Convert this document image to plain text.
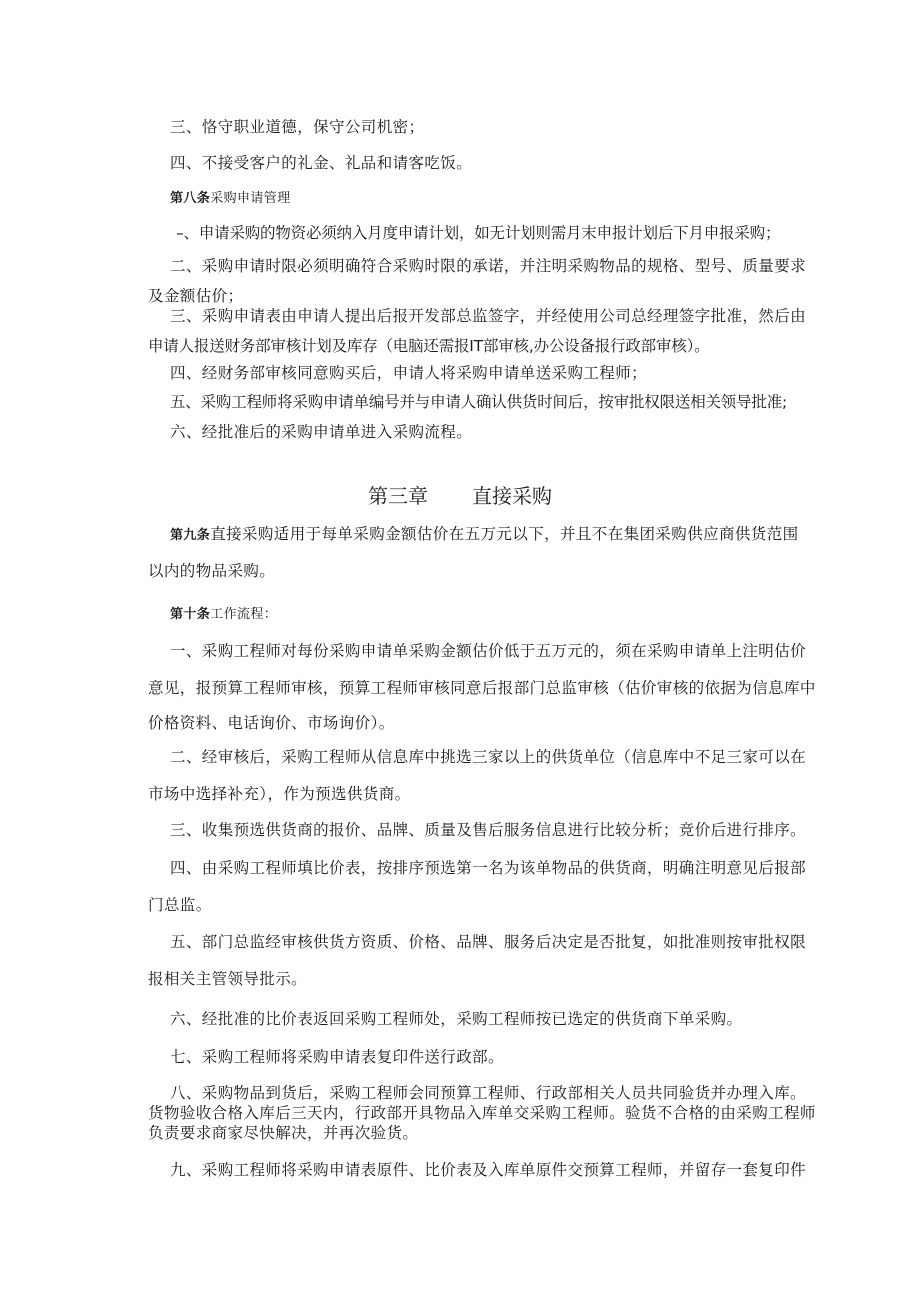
三、恪守职业道德，保守公司机密；
四、不接受客户的礼金、礼品和请客吃饭。
第八条采购申请管理
–、申请采购的物资必须纳入月度申请计划，如无计划则需月末申报计划后下月申报采购；
二、采购申请时限必须明确符合采购时限的承诺，并注明采购物品的规格、型号、质量要求
及金额估价；
三、采购申请表由申请人提出后报开发部总监签字，并经使用公司总经理签字批准，然后由
申请人报送财务部审核计划及库存（电脑还需报IT部审核,办公设备报行政部审核）。
四、经财务部审核同意购买后，申请人将采购申请单送采购工程师；
五、采购工程师将采购申请单编号并与申请人确认供货时间后，按审批权限送相关领导批准;
六、经批准后的采购申请单进入采购流程。
第三章 直接采购
第九条直接采购适用于每单采购金额估价在五万元以下，并且不在集团采购供应商供货范围
以内的物品采购。
第十条工作流程：
一、采购工程师对每份采购申请单采购金额估价低于五万元的，须在采购申请单上注明估价
意见，报预算工程师审核，预算工程师审核同意后报部门总监审核（估价审核的依据为信息库中
价格资料、电话询价、市场询价）。
二、经审核后，采购工程师从信息库中挑选三家以上的供货单位（信息库中不足三家可以在
市场中选择补充），作为预选供货商。
三、收集预选供货商的报价、品牌、质量及售后服务信息进行比较分析；竞价后进行排序。
四、由采购工程师填比价表，按排序预选第一名为该单物品的供货商，明确注明意见后报部
门总监。
五、部门总监经审核供货方资质、价格、品牌、服务后决定是否批复，如批准则按审批权限
报相关主管领导批示。
六、经批准的比价表返回采购工程师处，采购工程师按已选定的供货商下单采购。
七、采购工程师将采购申请表复印件送行政部。
八、采购物品到货后，采购工程师会同预算工程师、行政部相关人员共同验货并办理入库。
货物验收合格入库后三天内，行政部开具物品入库单交采购工程师。验货不合格的由采购工程师
负责要求商家尽快解决，并再次验货。
九、采购工程师将采购申请表原件、比价表及入库单原件交预算工程师，并留存一套复印件
